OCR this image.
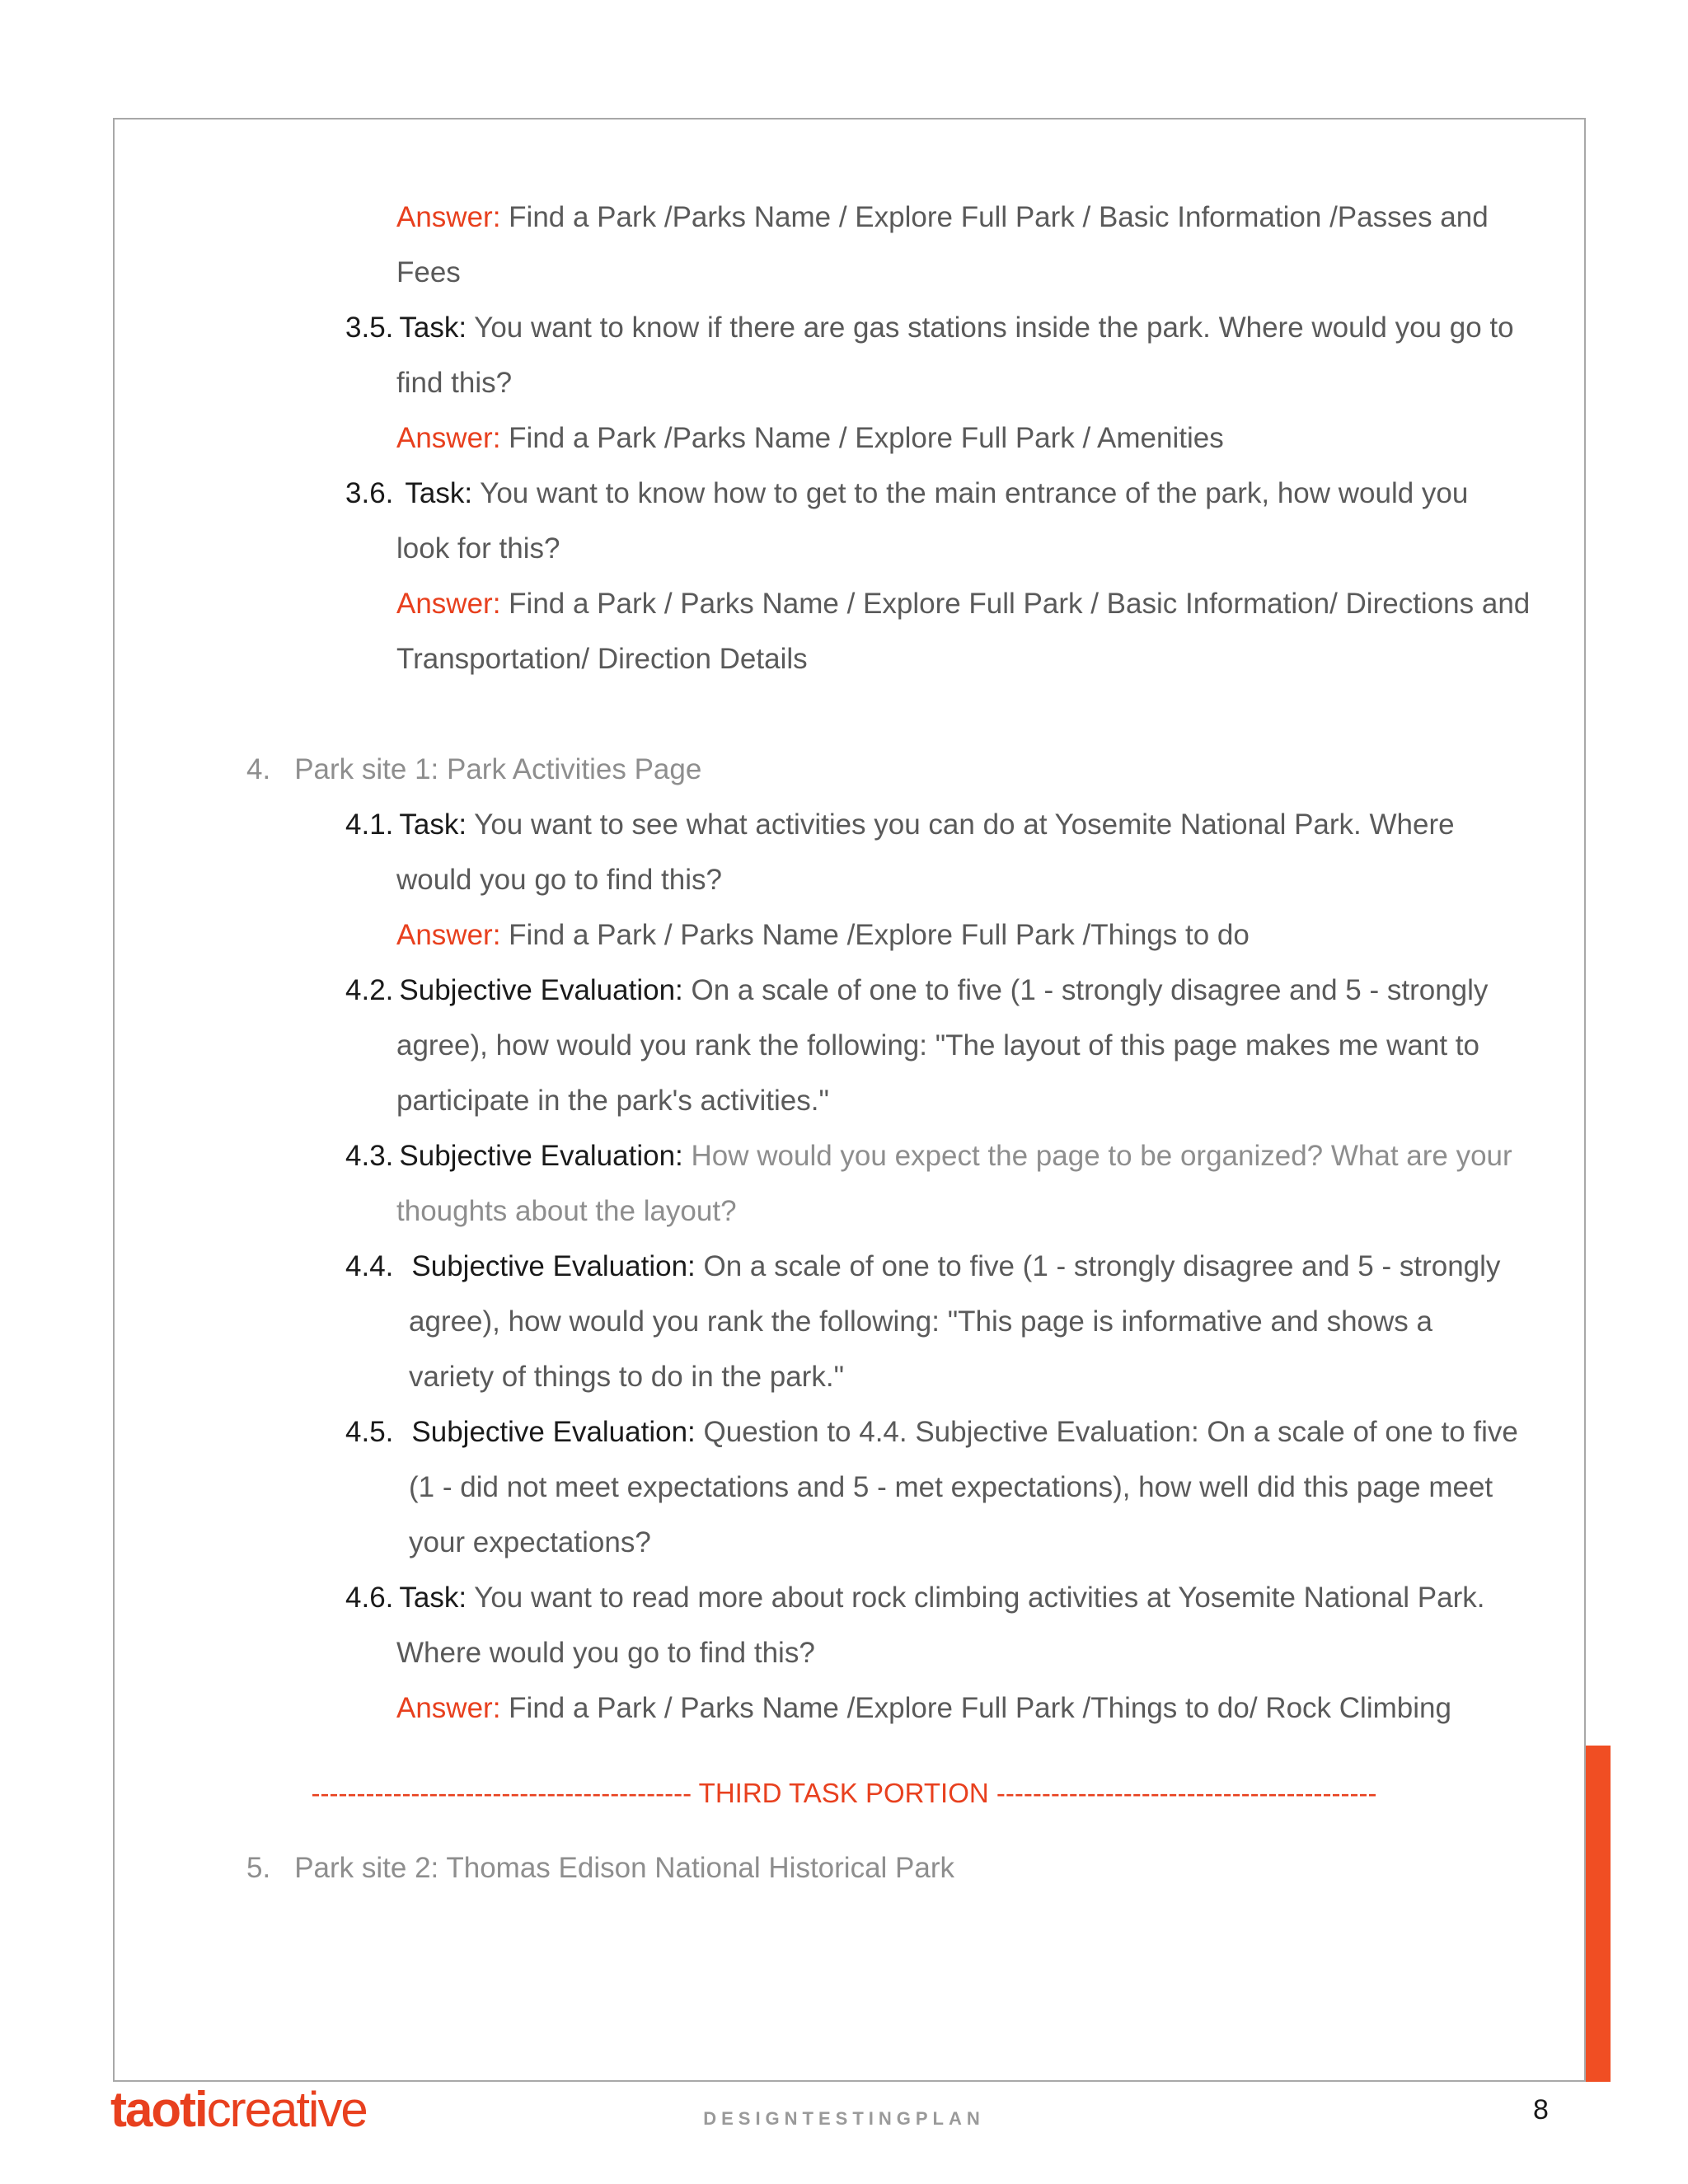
Answer: Find a Park /Parks Name / Explore Full Park / Basic Information /Passes and
Fees
3.5. Task: You want to know if there are gas stations inside the park. Where would you go to
find this?
Answer: Find a Park /Parks Name / Explore Full Park / Amenities
3.6. Task: You want to know how to get to the main entrance of the park, how would you
look for this?
Answer: Find a Park / Parks Name / Explore Full Park / Basic Information/ Directions and
Transportation/ Direction Details
4. Park site 1: Park Activities Page
4.1. Task: You want to see what activities you can do at Yosemite National Park. Where
would you go to find this?
Answer: Find a Park / Parks Name /Explore Full Park /Things to do
4.2. Subjective Evaluation: On a scale of one to five (1 - strongly disagree and 5 - strongly
agree), how would you rank the following: "The layout of this page makes me want to
participate in the park's activities."
4.3. Subjective Evaluation: How would you expect the page to be organized? What are your
thoughts about the layout?
4.4. Subjective Evaluation: On a scale of one to five (1 - strongly disagree and 5 - strongly
agree), how would you rank the following: "This page is informative and shows a
variety of things to do in the park."
4.5. Subjective Evaluation: Question to 4.4. Subjective Evaluation: On a scale of one to five
(1 - did not meet expectations and 5 - met expectations), how well did this page meet
your expectations?
4.6. Task: You want to read more about rock climbing activities at Yosemite National Park.
Where would you go to find this?
Answer: Find a Park / Parks Name /Explore Full Park /Things to do/ Rock Climbing
------------------------------------------ THIRD TASK PORTION ------------------------------------------
5. Park site 2: Thomas Edison National Historical Park
taoticreative	DESIGNTESTINGPLAN	8
